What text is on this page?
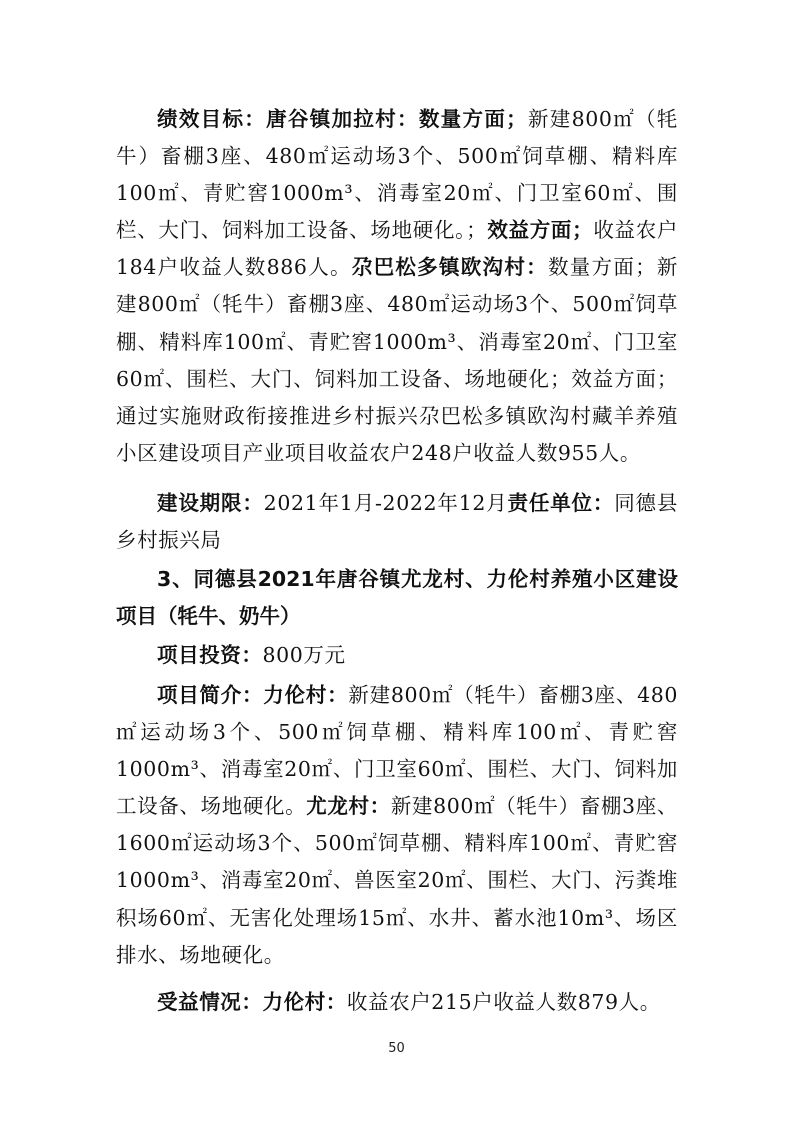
绩效目标：唐谷镇加拉村：数量方面；新建800㎡（牦牛）畜棚3座、480㎡运动场3个、500㎡饲草棚、精料库100㎡、青贮窖1000m³、消毒室20㎡、门卫室60㎡、围栏、大门、饲料加工设备、场地硬化。；效益方面；收益农户184户收益人数886人。尕巴松多镇欧沟村：数量方面；新建800㎡（牦牛）畜棚3座、480㎡运动场3个、500㎡饲草棚、精料库100㎡、青贮窖1000m³、消毒室20㎡、门卫室60㎡、围栏、大门、饲料加工设备、场地硬化；效益方面；通过实施财政衔接推进乡村振兴尕巴松多镇欧沟村藏羊养殖小区建设项目产业项目收益农户248户收益人数955人。

建设期限：2021年1月-2022年12月责任单位：同德县乡村振兴局

3、同德县2021年唐谷镇尤龙村、力伦村养殖小区建设项目（牦牛、奶牛）

项目投资：800万元

项目简介：力伦村：新建800㎡（牦牛）畜棚3座、480㎡运动场3个、500㎡饲草棚、精料库100㎡、青贮窖1000m³、消毒室20㎡、门卫室60㎡、围栏、大门、饲料加工设备、场地硬化。尤龙村：新建800㎡（牦牛）畜棚3座、1600㎡运动场3个、500㎡饲草棚、精料库100㎡、青贮窖1000m³、消毒室20㎡、兽医室20㎡、围栏、大门、污粪堆积场60㎡、无害化处理场15㎡、水井、蓄水池10m³、场区排水、场地硬化。

受益情况：力伦村：收益农户215户收益人数879人。

50
